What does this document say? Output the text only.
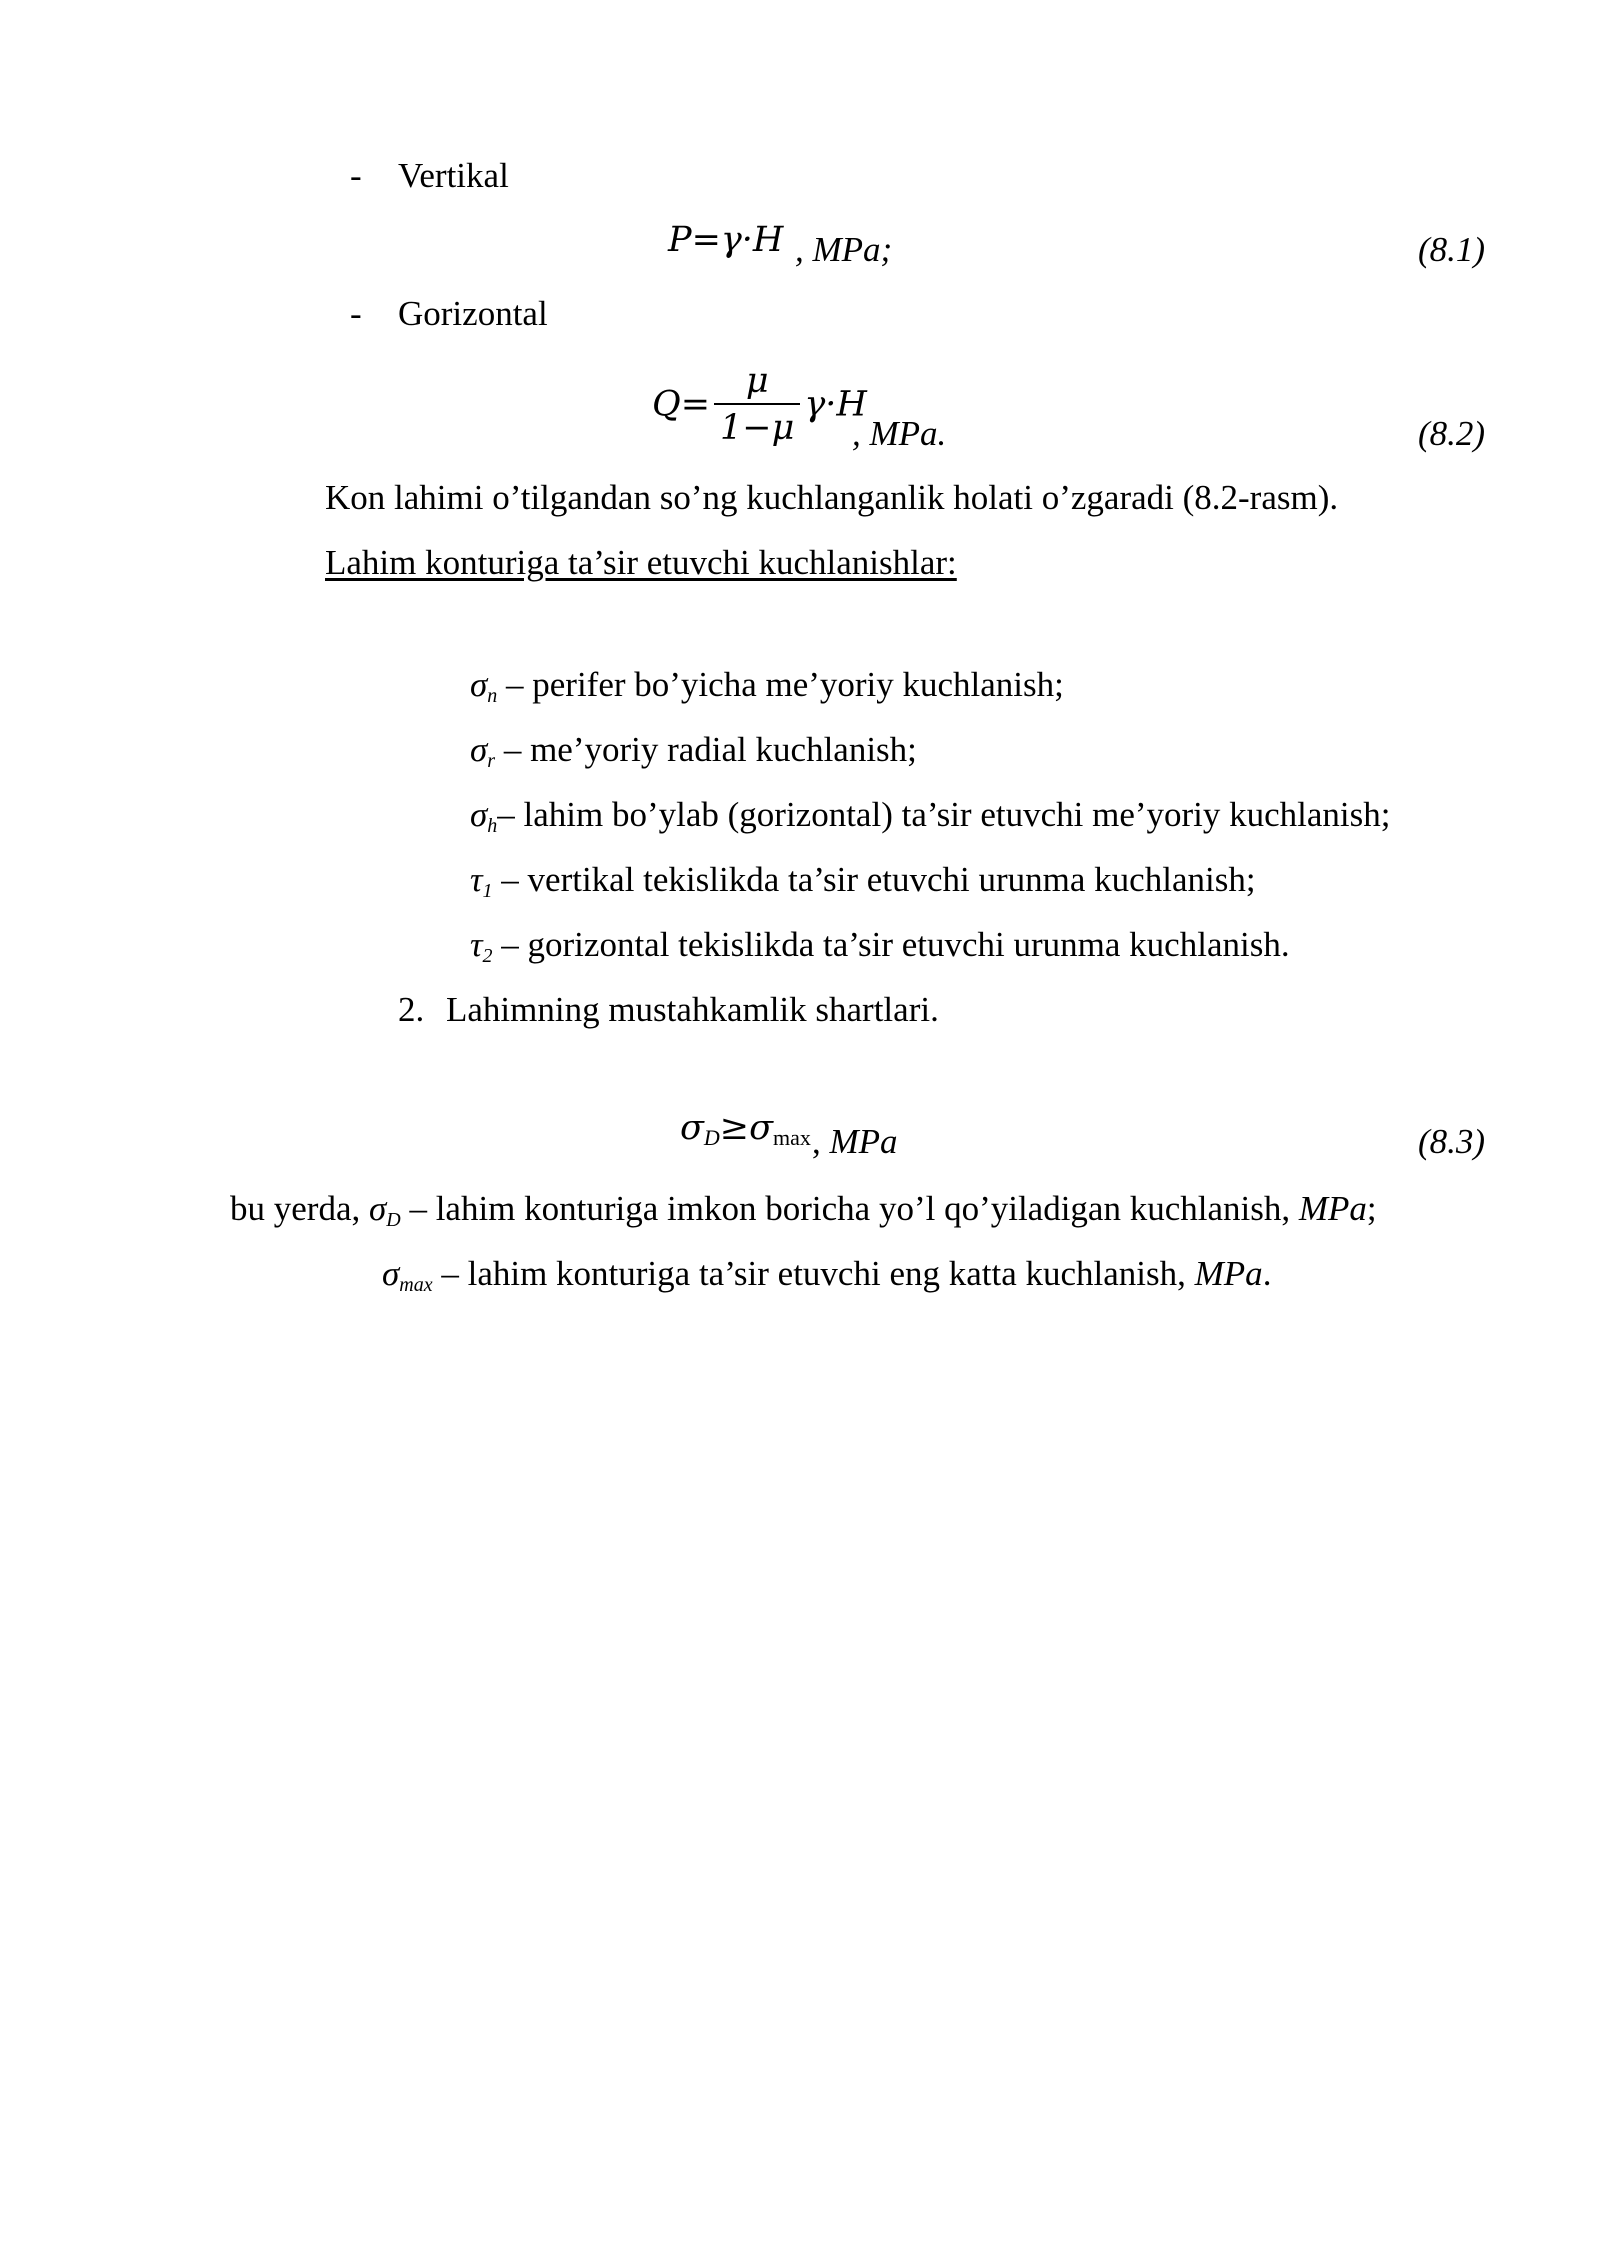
- Vertikal
P=γ·H , MPa;	(8.1)
- Gorizontal
$Q= \frac{\mu}{1-\mu} \gamma\cdot H$
, MPa.	(8.2)
Kon lahimi o’tilgandan so’ng kuchlanganlik holati o’zgaradi (8.2-rasm).
Lahim konturiga ta’sir etuvchi kuchlanishlar:
$\sigma_n$ – perifer bo’yicha me’yoriy kuchlanish;
$\sigma_r$ – me’yoriy radial kuchlanish;
$\sigma_h-$ lahim bo’ylab (gorizontal) ta’sir etuvchi me’yoriy kuchlanish;
$\tau_1$ – vertikal tekislikda ta’sir etuvchi urunma kuchlanish;
$\tau_2$ – gorizontal tekislikda ta’sir etuvchi urunma kuchlanish.
2. Lahimning mustahkamlik shartlari.
$\sigma_D\ge\sigma\max$ , MPa	(8.3)
bu yerda, $\sigma_D$ – lahim konturiga imkon boricha yo’l qo’yiladigan kuchlanish, MPa;
$\sigma_{max}$ – lahim konturiga ta’sir etuvchi eng katta kuchlanish, MPa.
